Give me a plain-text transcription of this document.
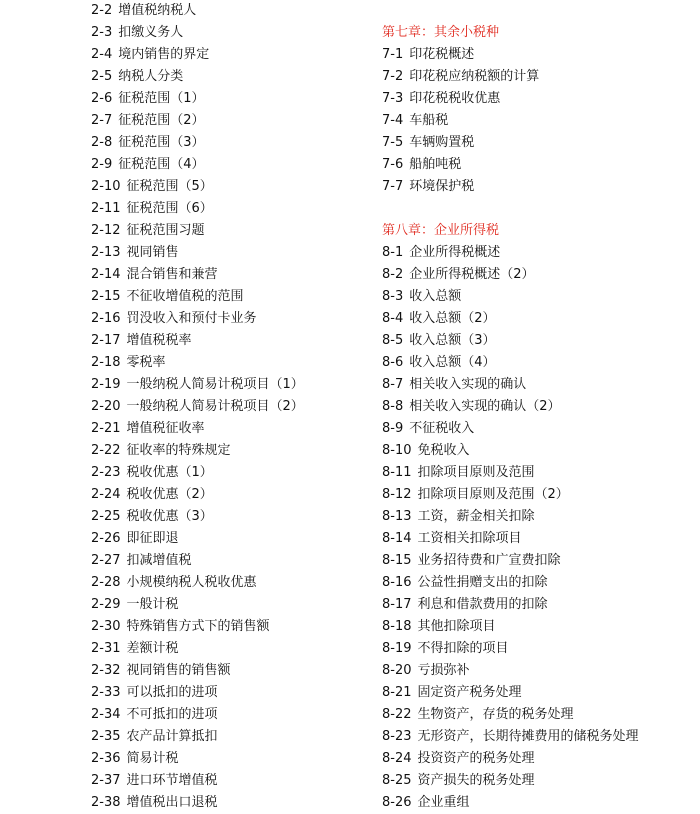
2-2 增值税纳税人
2-3 扣缴义务人
2-4 境内销售的界定
2-5 纳税人分类
2-6 征税范围（1）
2-7 征税范围（2）
2-8 征税范围（3）
2-9 征税范围（4）
2-10 征税范围（5）
2-11 征税范围（6）
2-12 征税范围习题
2-13 视同销售
2-14 混合销售和兼营
2-15 不征收增值税的范围
2-16 罚没收入和预付卡业务
2-17 增值税税率
2-18 零税率
2-19 一般纳税人简易计税项目（1）
2-20 一般纳税人简易计税项目（2）
2-21 增值税征收率
2-22 征收率的特殊规定
2-23 税收优惠（1）
2-24 税收优惠（2）
2-25 税收优惠（3）
2-26 即征即退
2-27 扣减增值税
2-28 小规模纳税人税收优惠
2-29 一般计税
2-30 特殊销售方式下的销售额
2-31 差额计税
2-32 视同销售的销售额
2-33 可以抵扣的进项
2-34 不可抵扣的进项
2-35 农产品计算抵扣
2-36 简易计税
2-37 进口环节增值税
2-38 增值税出口退税
第七章：其余小税种
7-1 印花税概述
7-2 印花税应纳税额的计算
7-3 印花税税收优惠
7-4 车船税
7-5 车辆购置税
7-6 船舶吨税
7-7 环境保护税
第八章：企业所得税
8-1 企业所得税概述
8-2 企业所得税概述（2）
8-3 收入总额
8-4 收入总额（2）
8-5 收入总额（3）
8-6 收入总额（4）
8-7 相关收入实现的确认
8-8 相关收入实现的确认（2）
8-9 不征税收入
8-10 免税收入
8-11 扣除项目原则及范围
8-12 扣除项目原则及范围（2）
8-13 工资，薪金相关扣除
8-14 工资相关扣除项目
8-15 业务招待费和广宣费扣除
8-16 公益性捐赠支出的扣除
8-17 利息和借款费用的扣除
8-18 其他扣除项目
8-19 不得扣除的项目
8-20 亏损弥补
8-21 固定资产税务处理
8-22 生物资产，存货的税务处理
8-23 无形资产，长期待摊费用的储税务处理
8-24 投资资产的税务处理
8-25 资产损失的税务处理
8-26 企业重组
